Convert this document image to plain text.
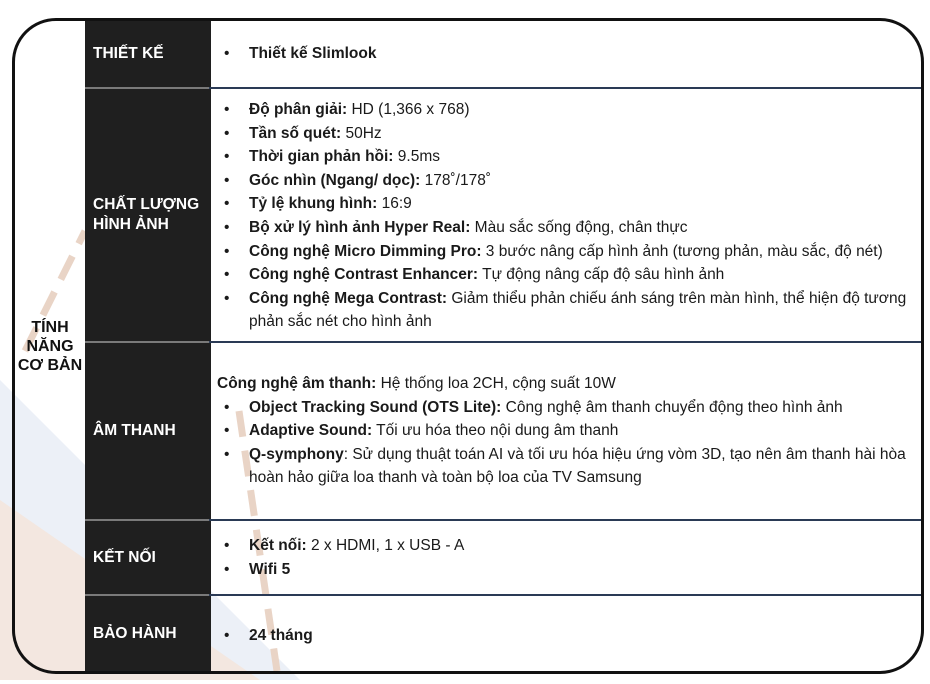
TÍNH
NĂNG
CƠ BẢN
THIẾT KẾ	• Thiết kế Slimlook
CHẤT LƯỢNG
HÌNH ẢNH
• Độ phân giải: HD (1,366 x 768)
• Tần số quét: 50Hz
• Thời gian phản hồi: 9.5ms
• Góc nhìn (Ngang/ dọc): 178˚/178˚
• Tỷ lệ khung hình: 16:9
• Bộ xử lý hình ảnh Hyper Real: Màu sắc sống động, chân thực
• Công nghệ Micro Dimming Pro: 3 bước nâng cấp hình ảnh (tương phản, màu sắc, độ nét)
• Công nghệ Contrast Enhancer: Tự động nâng cấp độ sâu hình ảnh
• Công nghệ Mega Contrast: Giảm thiểu phản chiếu ánh sáng trên màn hình, thể hiện độ tương phản sắc nét cho hình ảnh
ÂM THANH
Công nghệ âm thanh: Hệ thống loa 2CH, cộng suất 10W
• Object Tracking Sound (OTS Lite): Công nghệ âm thanh chuyển động theo hình ảnh
• Adaptive Sound: Tối ưu hóa theo nội dung âm thanh
• Q-symphony: Sử dụng thuật toán AI và tối ưu hóa hiệu ứng vòm 3D, tạo nên âm thanh hài hòa hoàn hảo giữa loa thanh và toàn bộ loa của TV Samsung
KẾT NỐI
• Kết nối: 2 x HDMI, 1 x USB - A
• Wifi 5
BẢO HÀNH	• 24 tháng
